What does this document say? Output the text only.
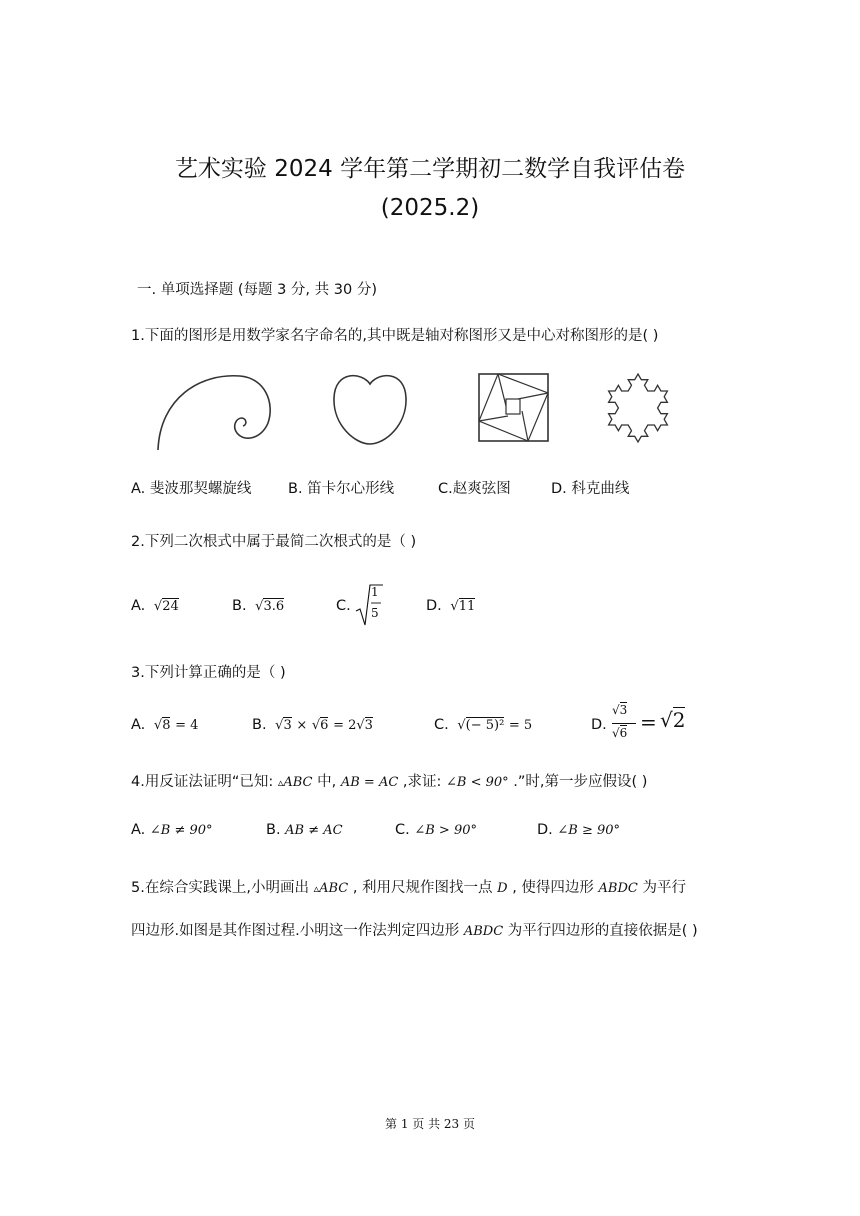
艺术实验 2024 学年第二学期初二数学自我评估卷
(2025.2)
一. 单项选择题 (每题 3 分, 共 30 分)
1.下面的图形是用数学家名字命名的,其中既是轴对称图形又是中心对称图形的是( )
A. 斐波那契螺旋线	B. 笛卡尔心形线	C.赵爽弦图	D. 科克曲线
2.下列二次根式中属于最简二次根式的是（ )
A. √24	B. √3.6	C.
1
5	D. √11
3.下列计算正确的是（ )
A. √8 = 4	B. √3 × √6 = 2√3	C. √(− 5)² = 5	D.
√3
√6 = √2
4.用反证法证明“已知: ▵ABC 中, AB = AC ,求证: ∠B < 90° .”时,第一步应假设( )
A. ∠B ≠ 90°	B. AB ≠ AC	C. ∠B > 90°	D. ∠B ≥ 90°
5.在综合实践课上,小明画出 ▵ABC , 利用尺规作图找一点 D , 使得四边形 ABDC 为平行
四边形.如图是其作图过程.小明这一作法判定四边形 ABDC 为平行四边形的直接依据是( )
第 1 页 共 23 页
